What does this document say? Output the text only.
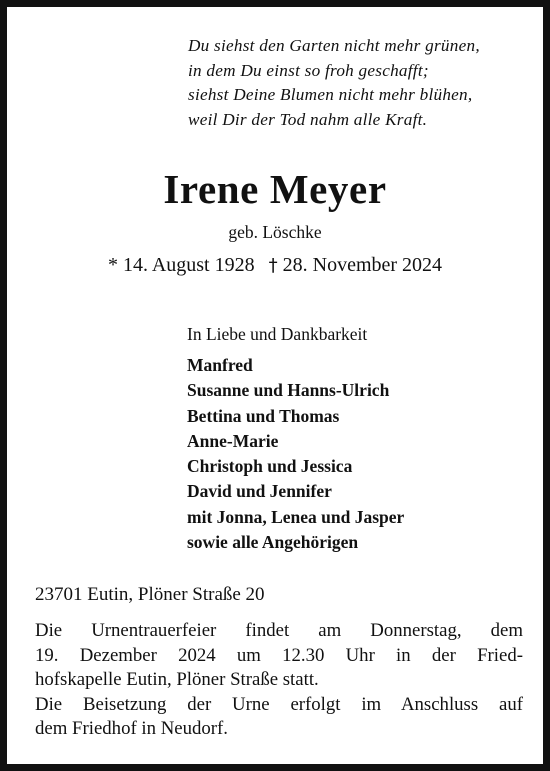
Du siehst den Garten nicht mehr grünen,
in dem Du einst so froh geschafft;
siehst Deine Blumen nicht mehr blühen,
weil Dir der Tod nahm alle Kraft.
Irene Meyer
geb. Löschke
* 14. August 1928 † 28. November 2024
In Liebe und Dankbarkeit
Manfred
Susanne und Hanns-Ulrich
Bettina und Thomas
Anne-Marie
Christoph und Jessica
David und Jennifer
mit Jonna, Lenea und Jasper
sowie alle Angehörigen
23701 Eutin, Plöner Straße 20
Die Urnentrauerfeier findet am Donnerstag, dem
19. Dezember 2024 um 12.30 Uhr in der Fried-
hofskapelle Eutin, Plöner Straße statt.
Die Beisetzung der Urne erfolgt im Anschluss auf
dem Friedhof in Neudorf.
